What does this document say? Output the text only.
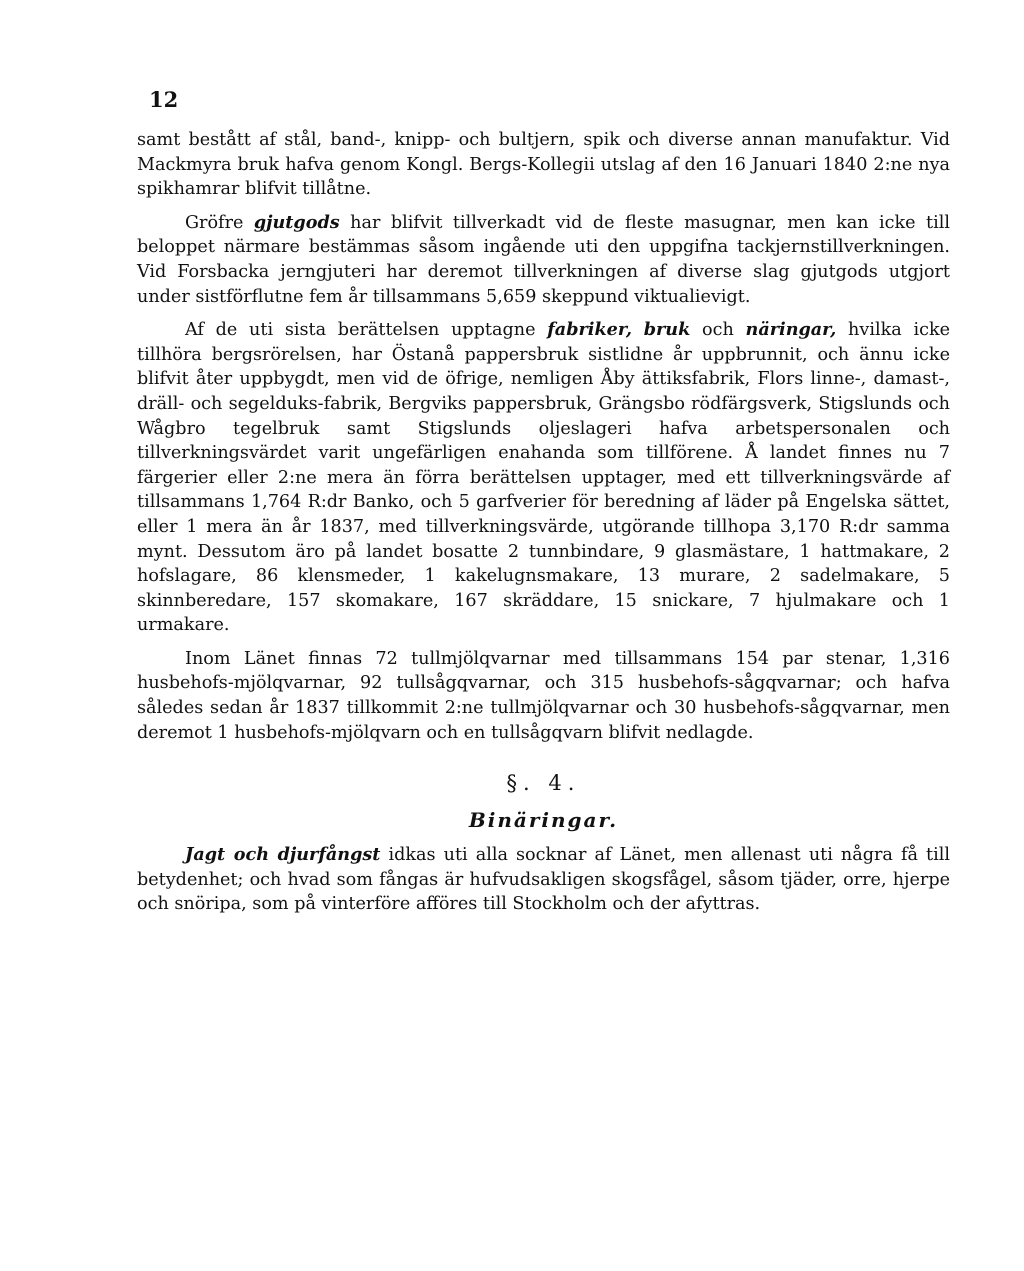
12

samt bestått af stål, band-, knipp- och bultjern, spik och diverse annan manufaktur. Vid Mackmyra bruk hafva genom Kongl. Bergs-Kollegii utslag af den 16 Januari 1840 2:ne nya spikhamrar blifvit tillåtne.

Gröfre gjutgods har blifvit tillverkadt vid de fleste masugnar, men kan icke till beloppet närmare bestämmas såsom ingående uti den uppgifna tackjernstillverkningen. Vid Forsbacka jerngjuteri har deremot tillverkningen af diverse slag gjutgods utgjort under sistförflutne fem år tillsammans 5,659 skeppund viktualievigt.

Af de uti sista berättelsen upptagne fabriker, bruk och näringar, hvilka icke tillhöra bergsrörelsen, har Östanå pappersbruk sistlidne år uppbrunnit, och ännu icke blifvit åter uppbygdt, men vid de öfrige, nemligen Åby ättiksfabrik, Flors linne-, damast-, dräll- och segelduks-fabrik, Bergviks pappersbruk, Grängsbo rödfärgsverk, Stigslunds och Wågbro tegelbruk samt Stigslunds oljeslageri hafva arbetspersonalen och tillverkningsvärdet varit ungefärligen enahanda som tillförene. Å landet finnes nu 7 färgerier eller 2:ne mera än förra berättelsen upptager, med ett tillverkningsvärde af tillsammans 1,764 R:dr Banko, och 5 garfverier för beredning af läder på Engelska sättet, eller 1 mera än år 1837, med tillverkningsvärde, utgörande tillhopa 3,170 R:dr samma mynt. Dessutom äro på landet bosatte 2 tunnbindare, 9 glasmästare, 1 hattmakare, 2 hofslagare, 86 klensmeder, 1 kakelugnsmakare, 13 murare, 2 sadelmakare, 5 skinnberedare, 157 skomakare, 167 skräddare, 15 snickare, 7 hjulmakare och 1 urmakare.

Inom Länet finnas 72 tullmjölqvarnar med tillsammans 154 par stenar, 1,316 husbehofs-mjölqvarnar, 92 tullsågqvarnar, och 315 husbehofs-sågqvarnar; och hafva således sedan år 1837 tillkommit 2:ne tullmjölqvarnar och 30 husbehofs-sågqvarnar, men deremot 1 husbehofs-mjölqvarn och en tullsågqvarn blifvit nedlagde.

§. 4.
Binäringar.

Jagt och djurfångst idkas uti alla socknar af Länet, men allenast uti några få till betydenhet; och hvad som fångas är hufvudsakligen skogsfågel, såsom tjäder, orre, hjerpe och snöripa, som på vinterföre afföres till Stockholm och der afyttras.
